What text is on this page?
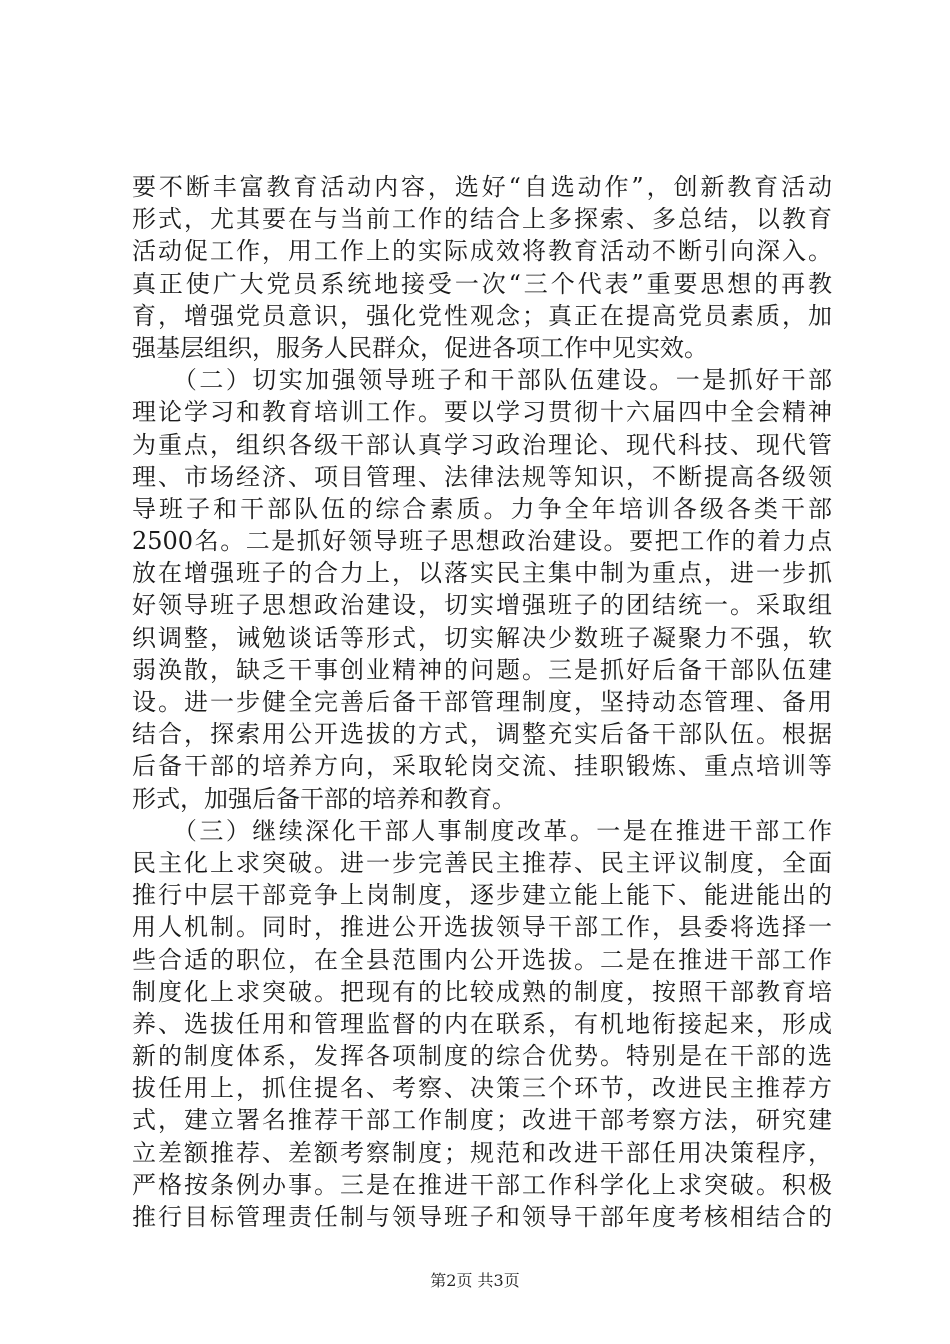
要不断丰富教育活动内容，选好“自选动作”，创新教育活动
形式，尤其要在与当前工作的结合上多探索、多总结，以教育
活动促工作，用工作上的实际成效将教育活动不断引向深入。
真正使广大党员系统地接受一次“三个代表”重要思想的再教
育，增强党员意识，强化党性观念；真正在提高党员素质，加
强基层组织，服务人民群众，促进各项工作中见实效。
　　（二）切实加强领导班子和干部队伍建设。一是抓好干部
理论学习和教育培训工作。要以学习贯彻十六届四中全会精神
为重点，组织各级干部认真学习政治理论、现代科技、现代管
理、市场经济、项目管理、法律法规等知识，不断提高各级领
导班子和干部队伍的综合素质。力争全年培训各级各类干部
2500名。二是抓好领导班子思想政治建设。要把工作的着力点
放在增强班子的合力上，以落实民主集中制为重点，进一步抓
好领导班子思想政治建设，切实增强班子的团结统一。采取组
织调整，诫勉谈话等形式，切实解决少数班子凝聚力不强，软
弱涣散，缺乏干事创业精神的问题。三是抓好后备干部队伍建
设。进一步健全完善后备干部管理制度，坚持动态管理、备用
结合，探索用公开选拔的方式，调整充实后备干部队伍。根据
后备干部的培养方向，采取轮岗交流、挂职锻炼、重点培训等
形式，加强后备干部的培养和教育。
　　（三）继续深化干部人事制度改革。一是在推进干部工作
民主化上求突破。进一步完善民主推荐、民主评议制度，全面
推行中层干部竞争上岗制度，逐步建立能上能下、能进能出的
用人机制。同时，推进公开选拔领导干部工作，县委将选择一
些合适的职位，在全县范围内公开选拔。二是在推进干部工作
制度化上求突破。把现有的比较成熟的制度，按照干部教育培
养、选拔任用和管理监督的内在联系，有机地衔接起来，形成
新的制度体系，发挥各项制度的综合优势。特别是在干部的选
拔任用上，抓住提名、考察、决策三个环节，改进民主推荐方
式，建立署名推荐干部工作制度；改进干部考察方法，研究建
立差额推荐、差额考察制度；规范和改进干部任用决策程序，
严格按条例办事。三是在推进干部工作科学化上求突破。积极
推行目标管理责任制与领导班子和领导干部年度考核相结合的
第2页 共3页
